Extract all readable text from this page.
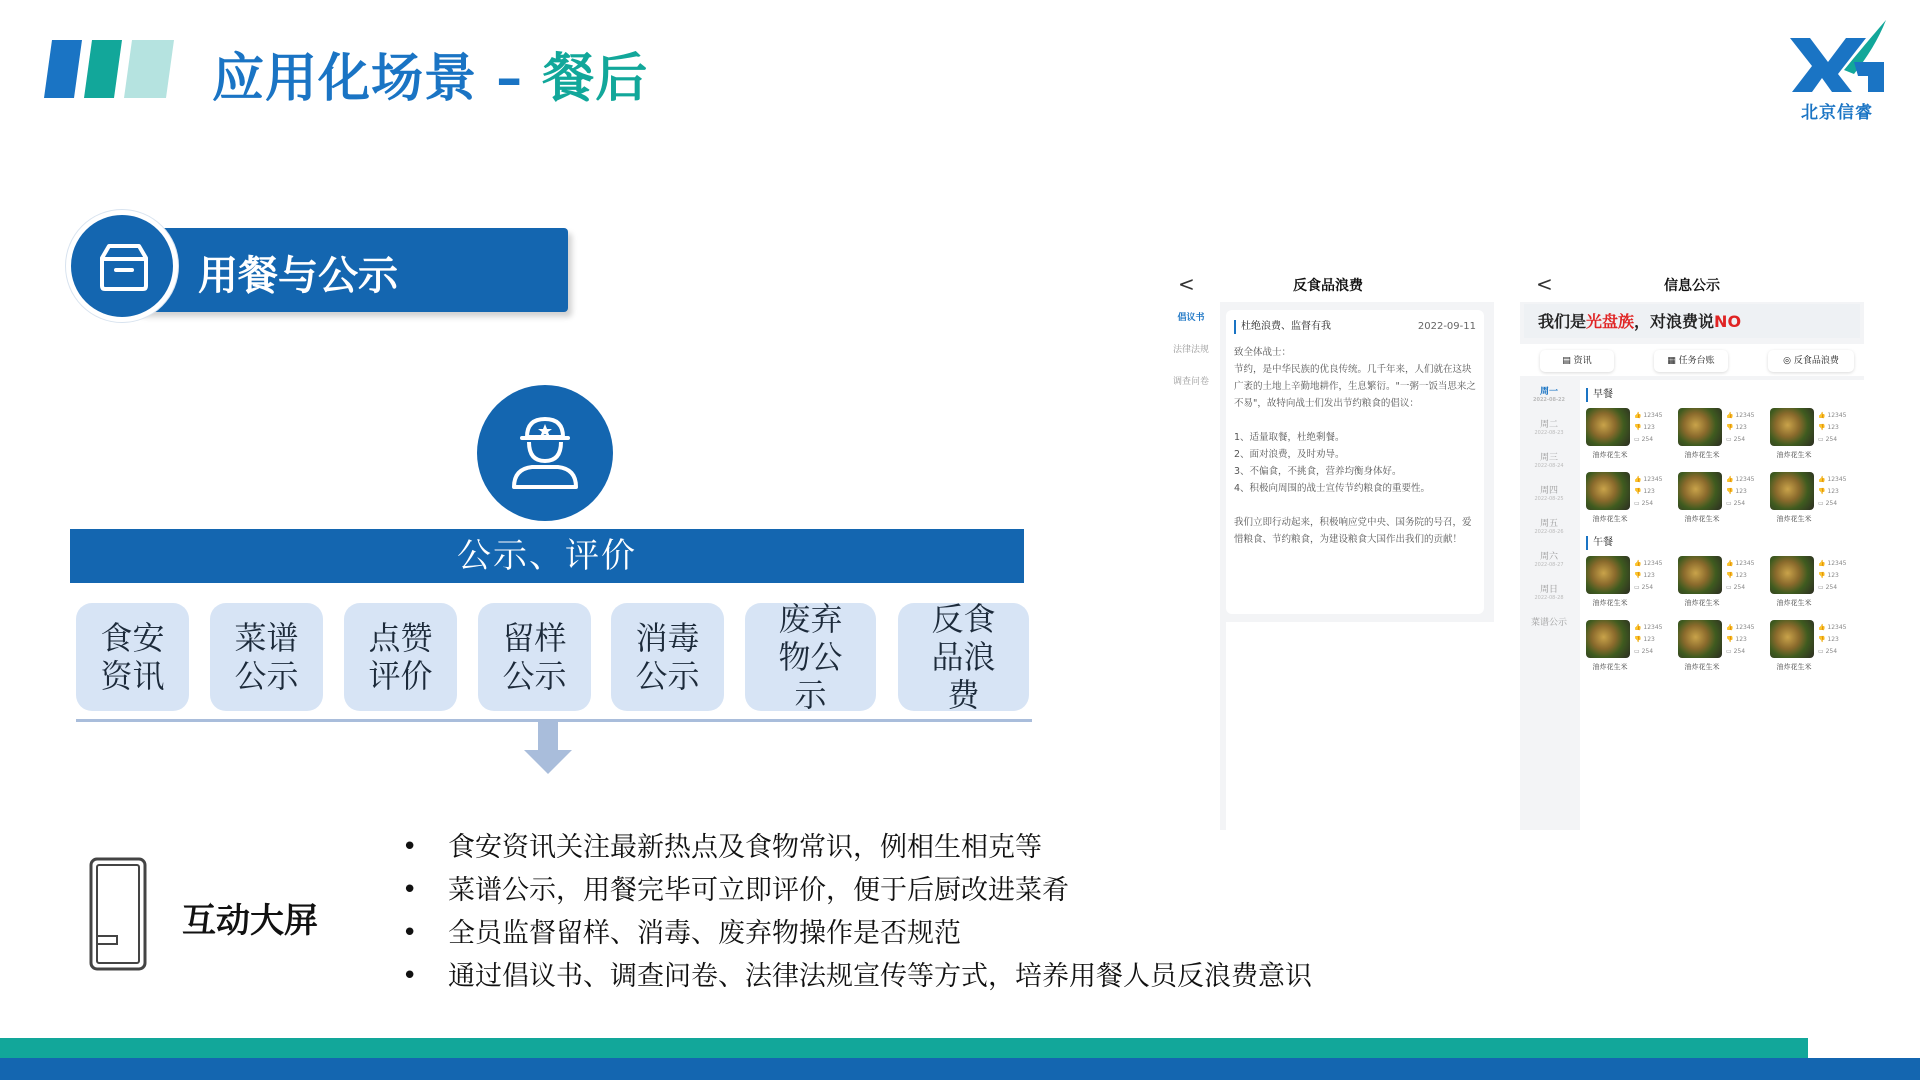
应用化场景 – 餐后
北京信睿
用餐与公示
公示、评价
食安
资讯
菜谱
公示
点赞
评价
留样
公示
消毒
公示
废弃
物公
示
反食
品浪
费
互动大屏
• 食安资讯关注最新热点及食物常识，例相生相克等
• 菜谱公示，用餐完毕可立即评价，便于后厨改进菜肴
• 全员监督留样、消毒、废弃物操作是否规范
• 通过倡议书、调查问卷、法律法规宣传等方式，培养用餐人员反浪费意识
<	反食品浪费
倡议书
法律法规
调查问卷
杜绝浪费、监督有我	2022-09-11
致全体战士：
节约，是中华民族的优良传统。几千年来，人们就在这块广袤的土地上辛勤地耕作，生息繁衍。"一粥一饭当思来之不易"，故特向战士们发出节约粮食的倡议：

1、适量取餐，杜绝剩餐。
2、面对浪费，及时劝导。
3、不偏食，不挑食，营养均衡身体好。
4、积极向周围的战士宣传节约粮食的重要性。

我们立即行动起来，积极响应党中央、国务院的号召，爱惜粮食、节约粮食，为建设粮食大国作出我们的贡献！
<	信息公示
我们是光盘族，对浪费说NO
▤ 资讯	▦ 任务台账	◎ 反食品浪费
周一
2022-08-22
周二
2022-08-23
周三
2022-08-24
周四
2022-08-25
周五
2022-08-26
周六
2022-08-27
周日
2022-08-28
菜谱公示
早餐
👍 12345
👎 123
▭ 254
油炸花生米
👍 12345
👎 123
▭ 254
油炸花生米
👍 12345
👎 123
▭ 254
油炸花生米
👍 12345
👎 123
▭ 254
油炸花生米
👍 12345
👎 123
▭ 254
油炸花生米
👍 12345
👎 123
▭ 254
油炸花生米
午餐
👍 12345
👎 123
▭ 254
油炸花生米
👍 12345
👎 123
▭ 254
油炸花生米
👍 12345
👎 123
▭ 254
油炸花生米
👍 12345
👎 123
▭ 254
油炸花生米
👍 12345
👎 123
▭ 254
油炸花生米
👍 12345
👎 123
▭ 254
油炸花生米
